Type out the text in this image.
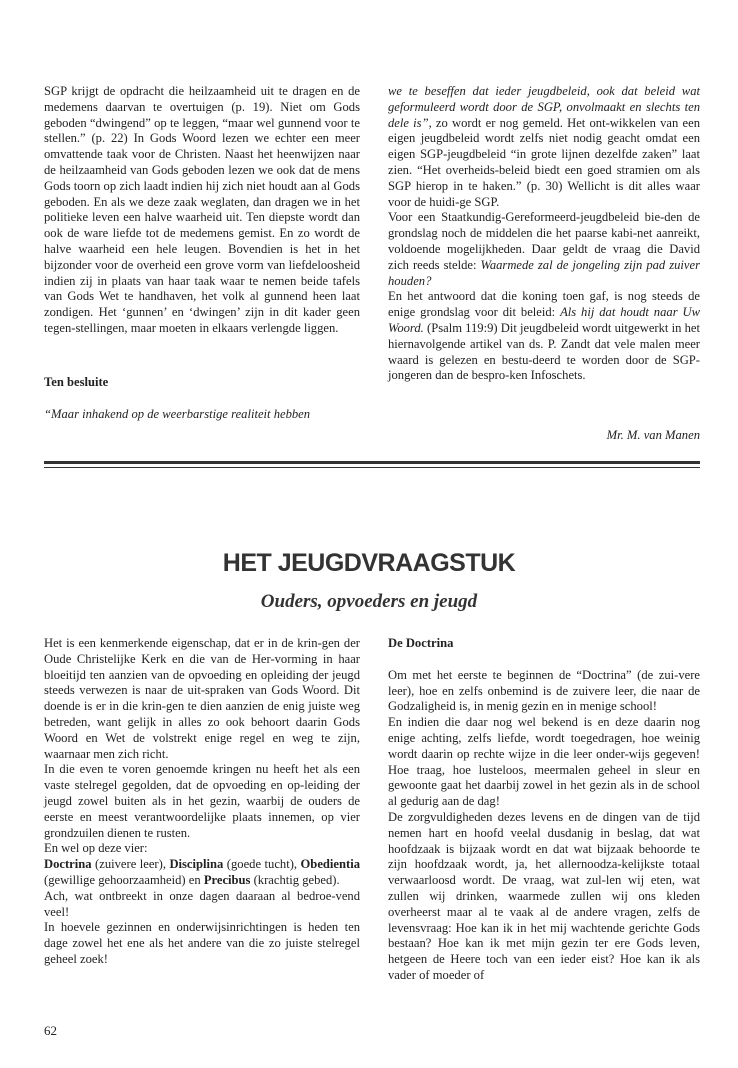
SGP krijgt de opdracht die heilzaamheid uit te dragen en de medemens daarvan te overtuigen (p. 19). Niet om Gods geboden “dwingend” op te leggen, “maar wel gunnend voor te stellen.” (p. 22) In Gods Woord lezen we echter een meer omvattende taak voor de Christen. Naast het heenwijzen naar de heilzaamheid van Gods geboden lezen we ook dat de mens Gods toorn op zich laadt indien hij zich niet houdt aan al Gods geboden. En als we deze zaak weglaten, dan dragen we in het politieke leven een halve waarheid uit. Ten diepste wordt dan ook de ware liefde tot de medemens gemist. En zo wordt de halve waarheid een hele leugen. Bovendien is het in het bijzonder voor de overheid een grove vorm van liefdeloosheid indien zij in plaats van haar taak waar te nemen beide tafels van Gods Wet te handhaven, het volk al gunnend heen laat zondigen. Het ‘gunnen’ en ‘dwingen’ zijn in dit kader geen tegen-stellingen, maar moeten in elkaars verlengde liggen.

Ten besluite

“Maar inhakend op de weerbarstige realiteit hebben

we te beseffen dat ieder jeugdbeleid, ook dat beleid wat geformuleerd wordt door de SGP, onvolmaakt en slechts ten dele is”, zo wordt er nog gemeld. Het ont-wikkelen van een eigen jeugdbeleid wordt zelfs niet nodig geacht omdat een eigen SGP-jeugdbeleid “in grote lijnen dezelfde zaken” laat zien. “Het overheids-beleid biedt een goed stramien om als SGP hierop in te haken.” (p. 30) Wellicht is dit alles waar voor de huidi-ge SGP.

Voor een Staatkundig-Gereformeerd-jeugdbeleid bie-den de grondslag noch de middelen die het paarse kabi-net aanreikt, voldoende mogelijkheden. Daar geldt de vraag die David zich reeds stelde: Waarmede zal de jongeling zijn pad zuiver houden?

En het antwoord dat die koning toen gaf, is nog steeds de enige grondslag voor dit beleid: Als hij dat houdt naar Uw Woord. (Psalm 119:9) Dit jeugdbeleid wordt uitgewerkt in het hiernavolgende artikel van ds. P. Zandt dat vele malen meer waard is gelezen en bestu-deerd te worden door de SGP-jongeren dan de bespro-ken Infoschets.

Mr. M. van Manen
HET JEUGDVRAAGSTUK
Ouders, opvoeders en jeugd

Het is een kenmerkende eigenschap, dat er in de krin-gen der Oude Christelijke Kerk en die van de Her-vorming in haar bloeitijd ten aanzien van de opvoeding en opleiding der jeugd steeds verwezen is naar de uit-spraken van Gods Woord. Dit doende is er in die krin-gen te dien aanzien de enig juiste weg betreden, want gelijk in alles zo ook behoort daarin Gods Woord en Wet de volstrekt enige regel en weg te zijn, waarnaar men zich richt.

In die even te voren genoemde kringen nu heeft het als een vaste stelregel gegolden, dat de opvoeding en op-leiding der jeugd zowel buiten als in het gezin, waarbij de ouders de eerste en meest verantwoordelijke plaats innemen, op vier grondzuilen dienen te rusten.

En wel op deze vier:

Doctrina (zuivere leer), Disciplina (goede tucht), Obedientia (gewillige gehoorzaamheid) en Precibus (krachtig gebed).

Ach, wat ontbreekt in onze dagen daaraan al bedroe-vend veel!

In hoevele gezinnen en onderwijsinrichtingen is heden ten dage zowel het ene als het andere van die zo juiste stelregel geheel zoek!

De Doctrina

Om met het eerste te beginnen de “Doctrina” (de zui-vere leer), hoe en zelfs onbemind is de zuivere leer, die naar de Godzaligheid is, in menig gezin en in menige school!

En indien die daar nog wel bekend is en deze daarin nog enige achting, zelfs liefde, wordt toegedragen, hoe weinig wordt daarin op rechte wijze in die leer onder-wijs gegeven! Hoe traag, hoe lusteloos, meermalen geheel in sleur en gewoonte gaat het daarbij zowel in het gezin als in de school al gedurig aan de dag!

De zorgvuldigheden dezes levens en de dingen van de tijd nemen hart en hoofd veelal dusdanig in beslag, dat wat hoofdzaak is bijzaak wordt en dat wat bijzaak behoorde te zijn hoofdzaak wordt, ja, het allernoodza-kelijkste totaal verwaarloosd wordt. De vraag, wat zul-len wij eten, wat zullen wij drinken, waarmede zullen wij ons kleden overheerst maar al te vaak al de andere vragen, zelfs de levensvraag: Hoe kan ik in het mij wachtende gerichte Gods bestaan? Hoe kan ik met mijn gezin ter ere Gods leven, hetgeen de Heere toch van een ieder eist? Hoe kan ik als vader of moeder of

62
